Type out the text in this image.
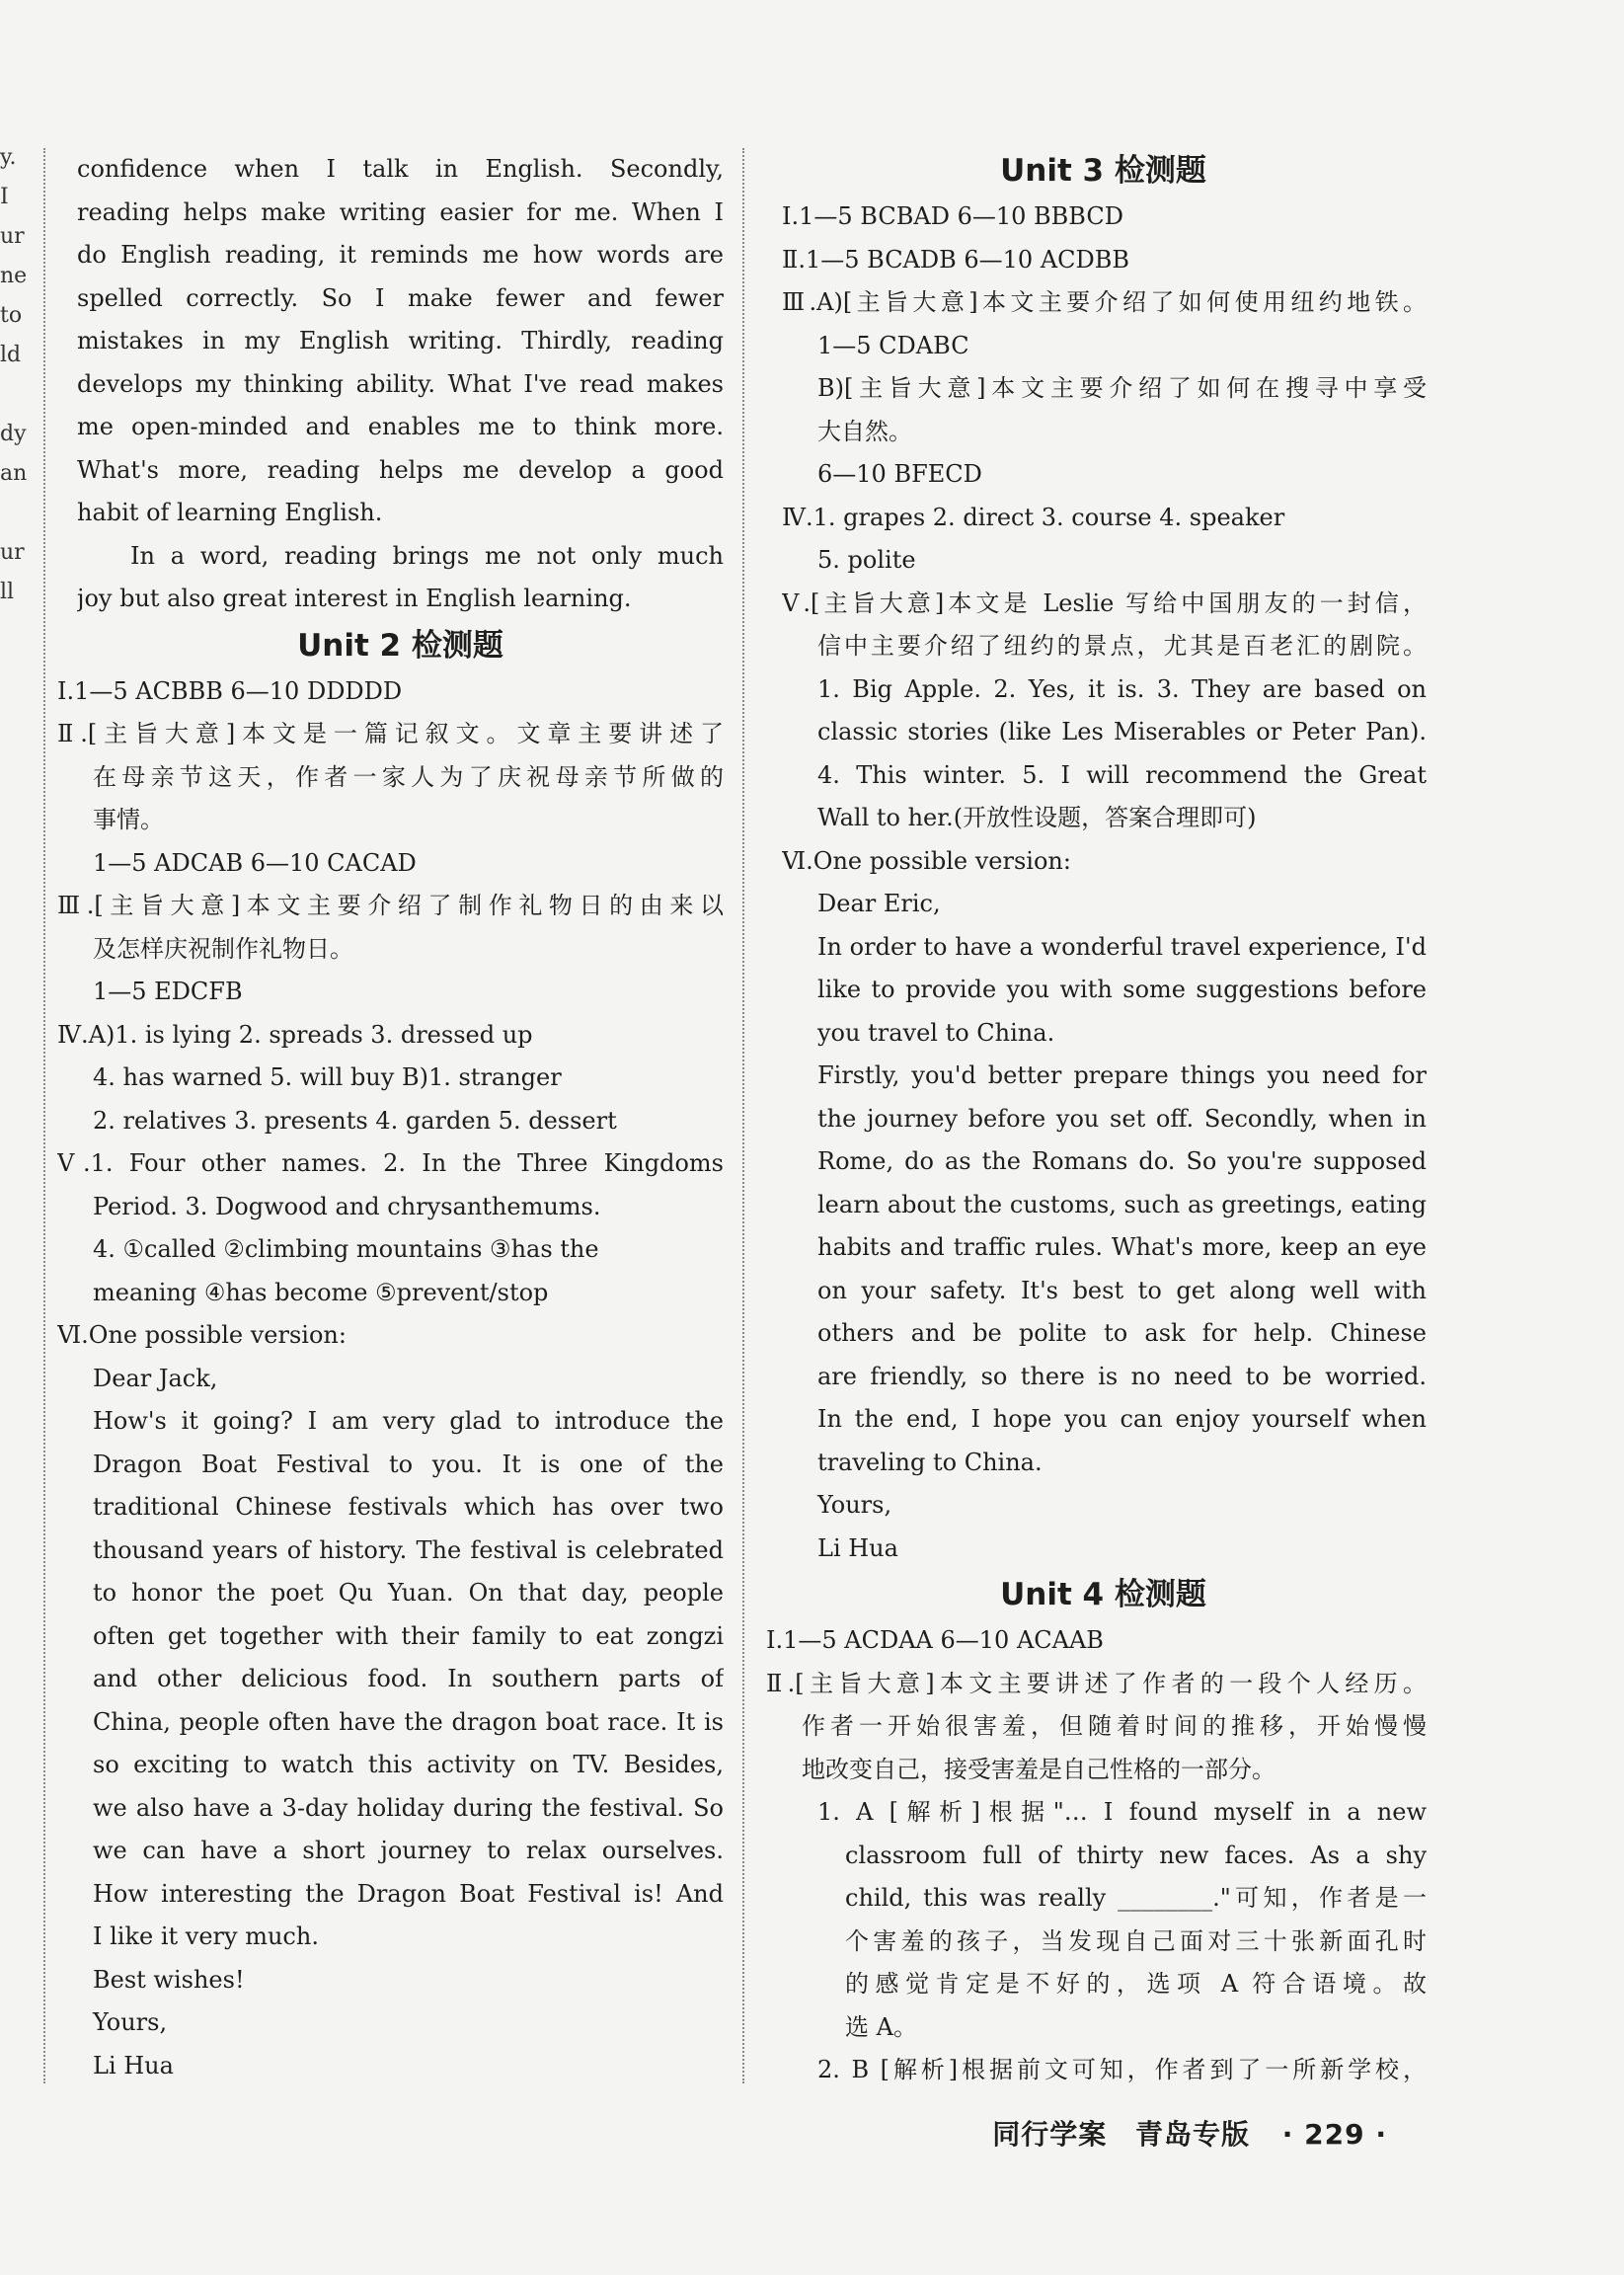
y.
I
ur
ne
to
ld
dy
an
ur
ll
confidence when I talk in English. Secondly,
reading helps make writing easier for me. When I
do English reading, it reminds me how words are
spelled correctly. So I make fewer and fewer
mistakes in my English writing. Thirdly, reading
develops my thinking ability. What I've read makes
me open-minded and enables me to think more.
What's more, reading helps me develop a good
habit of learning English.
In a word, reading brings me not only much
joy but also great interest in English learning.
Unit 2 检测题
Ⅰ.1—5 ACBBB 6—10 DDDDD
Ⅱ.[主旨大意]本文是一篇记叙文。文章主要讲述了
在母亲节这天，作者一家人为了庆祝母亲节所做的
事情。
1—5 ADCAB 6—10 CACAD
Ⅲ.[主旨大意]本文主要介绍了制作礼物日的由来以
及怎样庆祝制作礼物日。
1—5 EDCFB
Ⅳ.A)1. is lying 2. spreads 3. dressed up
4. has warned 5. will buy B)1. stranger
2. relatives 3. presents 4. garden 5. dessert
Ⅴ.1. Four other names. 2. In the Three Kingdoms
Period. 3. Dogwood and chrysanthemums.
4. ①called ②climbing mountains ③has the
meaning ④has become ⑤prevent/stop
Ⅵ.One possible version:
Dear Jack,
How's it going? I am very glad to introduce the
Dragon Boat Festival to you. It is one of the
traditional Chinese festivals which has over two
thousand years of history. The festival is celebrated
to honor the poet Qu Yuan. On that day, people
often get together with their family to eat zongzi
and other delicious food. In southern parts of
China, people often have the dragon boat race. It is
so exciting to watch this activity on TV. Besides,
we also have a 3-day holiday during the festival. So
we can have a short journey to relax ourselves.
How interesting the Dragon Boat Festival is! And
I like it very much.
Best wishes!
Yours,
Li Hua
Unit 3 检测题
Ⅰ.1—5 BCBAD 6—10 BBBCD
Ⅱ.1—5 BCADB 6—10 ACDBB
Ⅲ.A)[主旨大意]本文主要介绍了如何使用纽约地铁。
1—5 CDABC
B)[主旨大意]本文主要介绍了如何在搜寻中享受
大自然。
6—10 BFECD
Ⅳ.1. grapes 2. direct 3. course 4. speaker
5. polite
Ⅴ.[主旨大意]本文是 Leslie 写给中国朋友的一封信，
信中主要介绍了纽约的景点，尤其是百老汇的剧院。
1. Big Apple. 2. Yes, it is. 3. They are based on
classic stories (like Les Miserables or Peter Pan).
4. This winter. 5. I will recommend the Great
Wall to her.(开放性设题，答案合理即可)
Ⅵ.One possible version:
Dear Eric,
In order to have a wonderful travel experience, I'd
like to provide you with some suggestions before
you travel to China.
Firstly, you'd better prepare things you need for
the journey before you set off. Secondly, when in
Rome, do as the Romans do. So you're supposed
learn about the customs, such as greetings, eating
habits and traffic rules. What's more, keep an eye
on your safety. It's best to get along well with
others and be polite to ask for help. Chinese
are friendly, so there is no need to be worried.
In the end, I hope you can enjoy yourself when
traveling to China.
Yours,
Li Hua
Unit 4 检测题
Ⅰ.1—5 ACDAA 6—10 ACAAB
Ⅱ.[主旨大意]本文主要讲述了作者的一段个人经历。
作者一开始很害羞，但随着时间的推移，开始慢慢
地改变自己，接受害羞是自己性格的一部分。
1. A [解析]根据"… I found myself in a new
classroom full of thirty new faces. As a shy
child, this was really ________."可知，作者是一
个害羞的孩子，当发现自己面对三十张新面孔时
的感觉肯定是不好的，选项 A 符合语境。故
选 A。
2. B [解析]根据前文可知，作者到了一所新学校，
同行学案 青岛专版 · 229 ·
